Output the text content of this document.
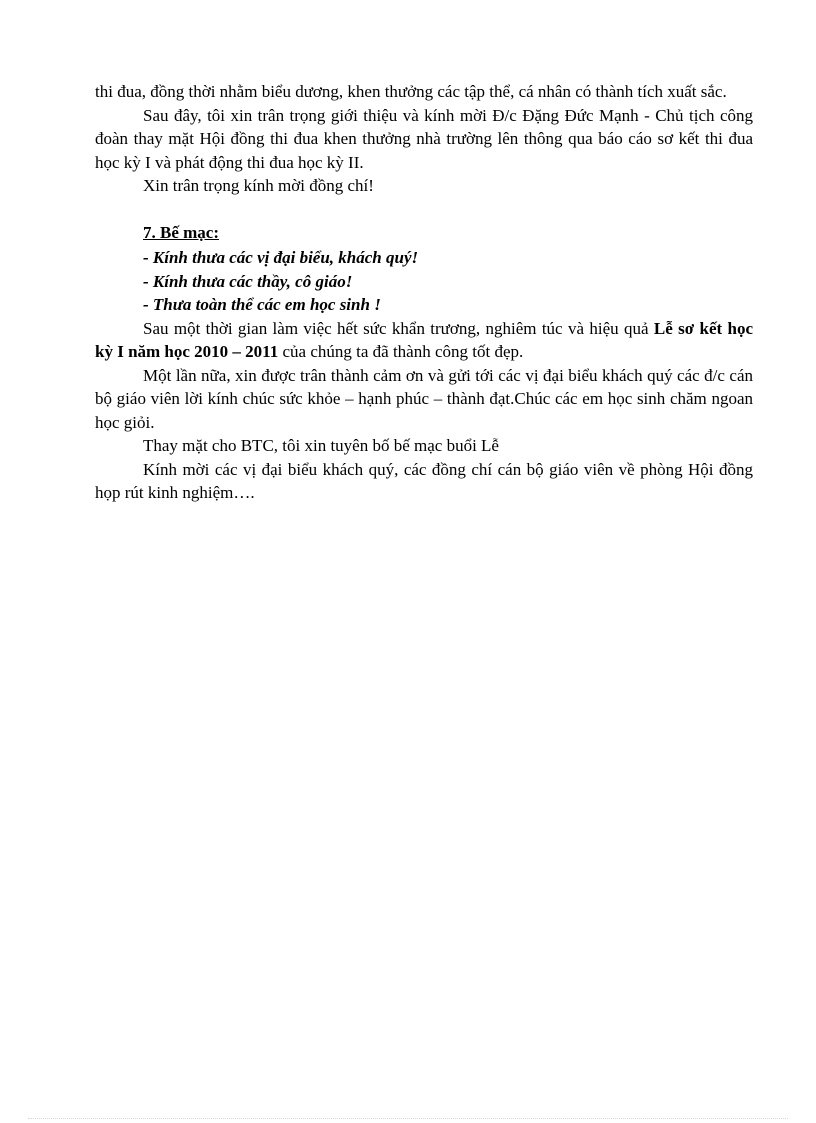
thi đua, đồng thời nhằm biểu dương, khen thưởng các tập thể, cá nhân có thành tích xuất sắc.

Sau đây, tôi xin trân trọng giới thiệu và kính mời Đ/c Đặng Đức Mạnh - Chủ tịch công đoàn thay mặt Hội đồng thi đua khen thưởng nhà trường lên thông qua báo cáo sơ kết thi đua học kỳ I và phát động thi đua học kỳ II.

Xin trân trọng kính mời đồng chí!

7. Bế mạc:

- Kính thưa các vị đại biểu, khách quý!

- Kính thưa các thầy, cô giáo!

- Thưa toàn thể các em học sinh !

Sau một thời gian làm việc hết sức khẩn trương, nghiêm túc và hiệu quả Lễ sơ kết học kỳ I năm học 2010 – 2011 của chúng ta đã thành công tốt đẹp.

Một lần nữa, xin được trân thành cảm ơn và gửi tới các vị đại biểu khách quý các đ/c cán bộ giáo viên lời kính chúc sức khỏe – hạnh phúc – thành đạt.Chúc các em học sinh chăm ngoan học giỏi.

Thay mặt cho BTC, tôi xin tuyên bố bế mạc buổi Lễ

Kính mời các vị đại biểu khách quý, các đồng chí cán bộ giáo viên về phòng Hội đồng họp rút kinh nghiệm….
